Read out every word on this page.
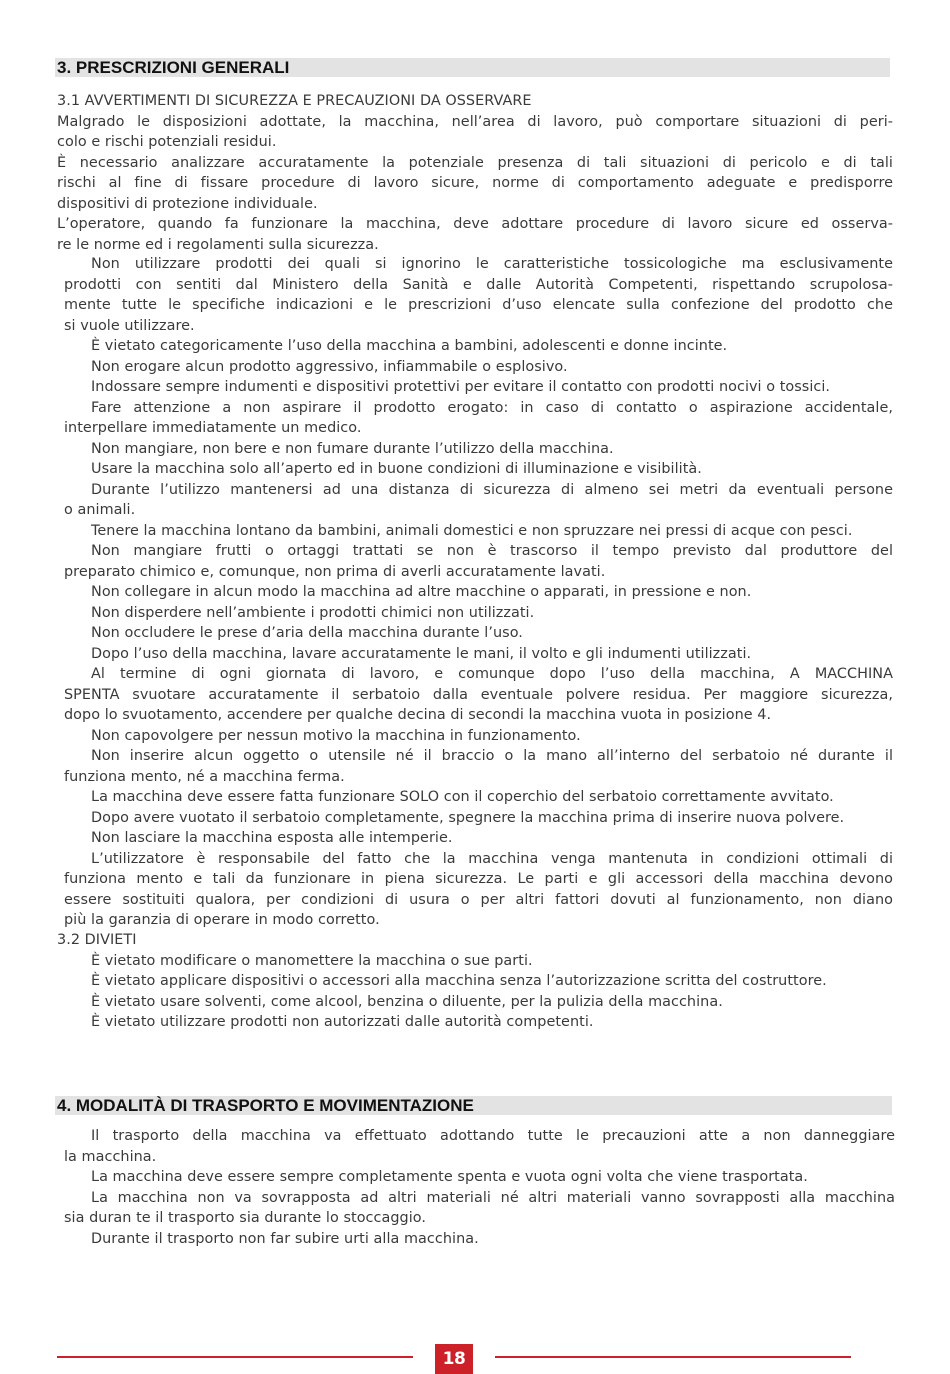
3. PRESCRIZIONI GENERALI
3.1 AVVERTIMENTI DI SICUREZZA E PRECAUZIONI DA OSSERVARE
Malgrado le disposizioni adottate, la macchina, nell’area di lavoro, può comportare situazioni di peri-
colo e rischi potenziali residui.
È necessario analizzare accuratamente la potenziale presenza di tali situazioni di pericolo e di tali
rischi al fine di fissare procedure di lavoro sicure, norme di comportamento adeguate e predisporre
dispositivi di protezione individuale.
L’operatore, quando fa funzionare la macchina, deve adottare procedure di lavoro sicure ed osserva-
re le norme ed i regolamenti sulla sicurezza.
Non utilizzare prodotti dei quali si ignorino le caratteristiche tossicologiche ma esclusivamente
prodotti con sentiti dal Ministero della Sanità e dalle Autorità Competenti, rispettando scrupolosa-
mente tutte le specifiche indicazioni e le prescrizioni d’uso elencate sulla confezione del prodotto che
si vuole utilizzare.
È vietato categoricamente l’uso della macchina a bambini, adolescenti e donne incinte.
Non erogare alcun prodotto aggressivo, infiammabile o esplosivo.
Indossare sempre indumenti e dispositivi protettivi per evitare il contatto con prodotti nocivi o tossici.
Fare attenzione a non aspirare il prodotto erogato: in caso di contatto o aspirazione accidentale,
interpellare immediatamente un medico.
Non mangiare, non bere e non fumare durante l’utilizzo della macchina.
Usare la macchina solo all’aperto ed in buone condizioni di illuminazione e visibilità.
Durante l’utilizzo mantenersi ad una distanza di sicurezza di almeno sei metri da eventuali persone
o animali.
Tenere la macchina lontano da bambini, animali domestici e non spruzzare nei pressi di acque con pesci.
Non mangiare frutti o ortaggi trattati se non è trascorso il tempo previsto dal produttore del
preparato chimico e, comunque, non prima di averli accuratamente lavati.
Non collegare in alcun modo la macchina ad altre macchine o apparati, in pressione e non.
Non disperdere nell’ambiente i prodotti chimici non utilizzati.
Non occludere le prese d’aria della macchina durante l’uso.
Dopo l’uso della macchina, lavare accuratamente le mani, il volto e gli indumenti utilizzati.
Al termine di ogni giornata di lavoro, e comunque dopo l’uso della macchina, A MACCHINA
SPENTA svuotare accuratamente il serbatoio dalla eventuale polvere residua. Per maggiore sicurezza,
dopo lo svuotamento, accendere per qualche decina di secondi la macchina vuota in posizione 4.
Non capovolgere per nessun motivo la macchina in funzionamento.
Non inserire alcun oggetto o utensile né il braccio o la mano all’interno del serbatoio né durante il
funziona mento, né a macchina ferma.
La macchina deve essere fatta funzionare SOLO con il coperchio del serbatoio correttamente avvitato.
Dopo avere vuotato il serbatoio completamente, spegnere la macchina prima di inserire nuova polvere.
Non lasciare la macchina esposta alle intemperie.
L’utilizzatore è responsabile del fatto che la macchina venga mantenuta in condizioni ottimali di
funziona mento e tali da funzionare in piena sicurezza. Le parti e gli accessori della macchina devono
essere sostituiti qualora, per condizioni di usura o per altri fattori dovuti al funzionamento, non diano
più la garanzia di operare in modo corretto.
3.2 DIVIETI
È vietato modificare o manomettere la macchina o sue parti.
È vietato applicare dispositivi o accessori alla macchina senza l’autorizzazione scritta del costruttore.
È vietato usare solventi, come alcool, benzina o diluente, per la pulizia della macchina.
È vietato utilizzare prodotti non autorizzati dalle autorità competenti.
4. MODALITÀ DI TRASPORTO E MOVIMENTAZIONE
Il trasporto della macchina va effettuato adottando tutte le precauzioni atte a non danneggiare
la macchina.
La macchina deve essere sempre completamente spenta e vuota ogni volta che viene trasportata.
La macchina non va sovrapposta ad altri materiali né altri materiali vanno sovrapposti alla macchina
sia duran te il trasporto sia durante lo stoccaggio.
Durante il trasporto non far subire urti alla macchina.
18
